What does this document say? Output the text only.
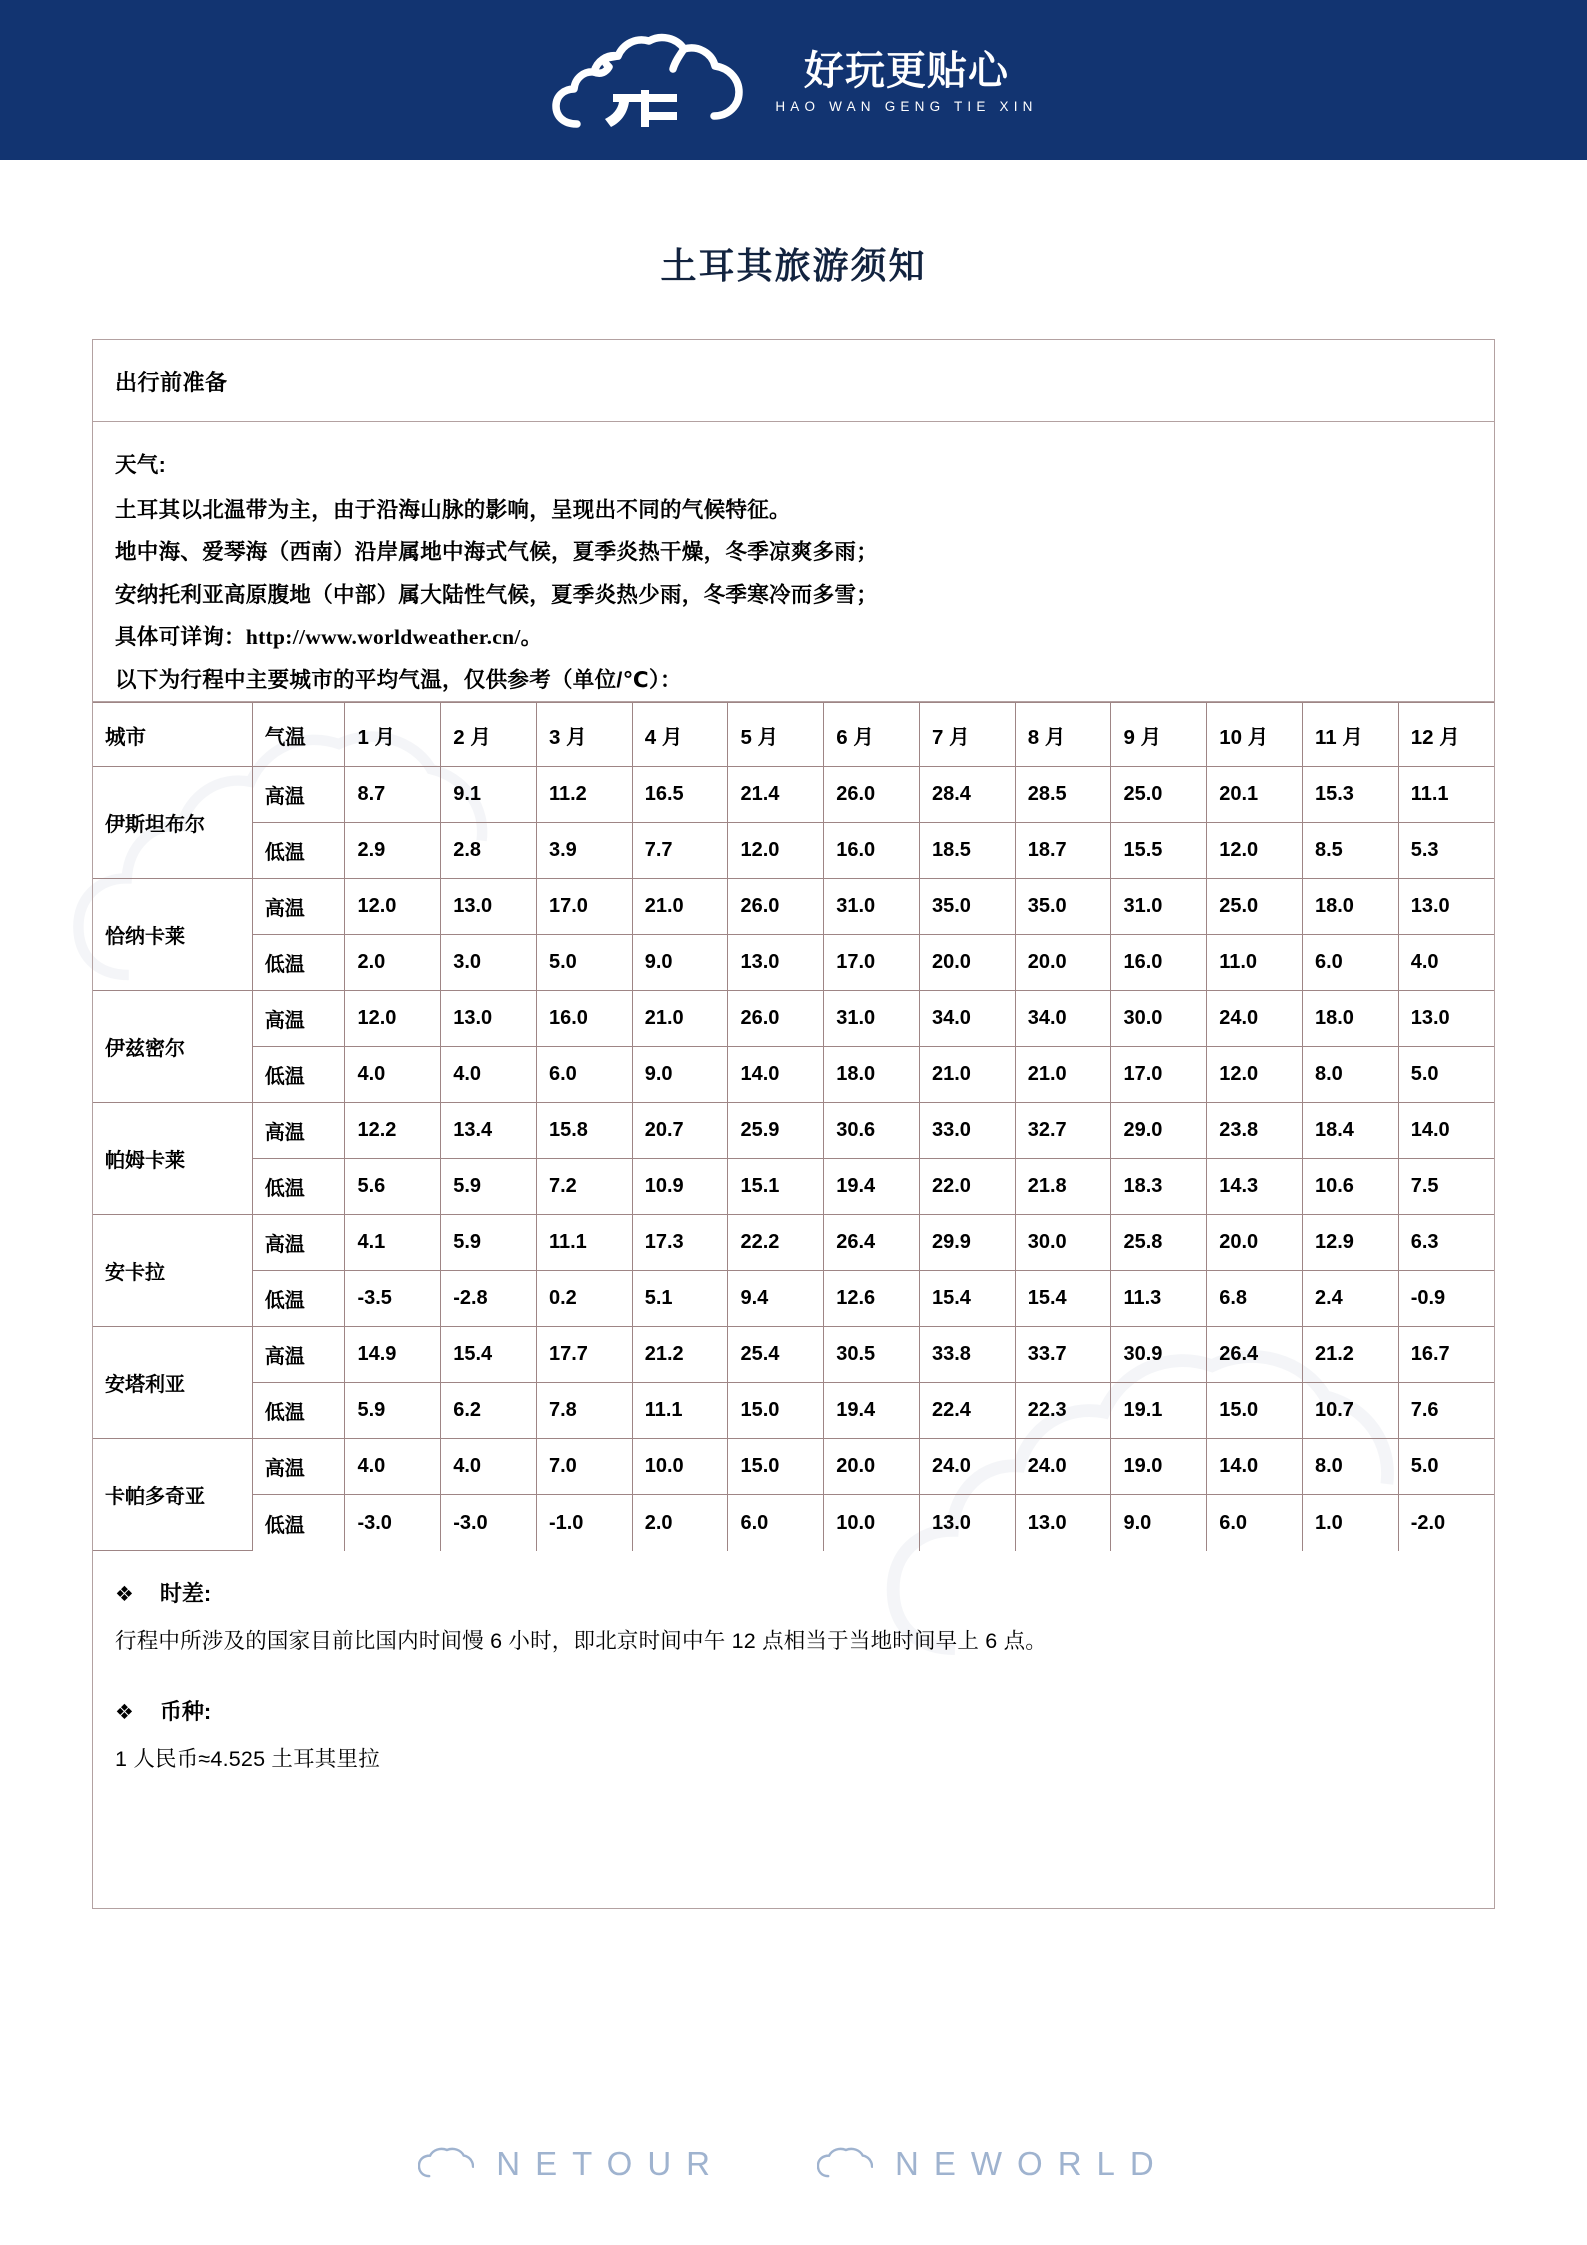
好玩更贴心
HAO WAN GENG TIE XIN
土耳其旅游须知
出行前准备
天气:
土耳其以北温带为主，由于沿海山脉的影响，呈现出不同的气候特征。
地中海、爱琴海（西南）沿岸属地中海式气候，夏季炎热干燥，冬季凉爽多雨；
安纳托利亚高原腹地（中部）属大陆性气候，夏季炎热少雨，冬季寒冷而多雪；
具体可详询：http://www.worldweather.cn/。
以下为行程中主要城市的平均气温，仅供参考（单位/℃）：
城市	气温	1 月	2 月	3 月	4 月	5 月	6 月	7 月	8 月	9 月	10 月	11 月	12 月
伊斯坦布尔	高温	8.7	9.1	11.2	16.5	21.4	26.0	28.4	28.5	25.0	20.1	15.3	11.1
	低温	2.9	2.8	3.9	7.7	12.0	16.0	18.5	18.7	15.5	12.0	8.5	5.3
恰纳卡莱	高温	12.0	13.0	17.0	21.0	26.0	31.0	35.0	35.0	31.0	25.0	18.0	13.0
	低温	2.0	3.0	5.0	9.0	13.0	17.0	20.0	20.0	16.0	11.0	6.0	4.0
伊兹密尔	高温	12.0	13.0	16.0	21.0	26.0	31.0	34.0	34.0	30.0	24.0	18.0	13.0
	低温	4.0	4.0	6.0	9.0	14.0	18.0	21.0	21.0	17.0	12.0	8.0	5.0
帕姆卡莱	高温	12.2	13.4	15.8	20.7	25.9	30.6	33.0	32.7	29.0	23.8	18.4	14.0
	低温	5.6	5.9	7.2	10.9	15.1	19.4	22.0	21.8	18.3	14.3	10.6	7.5
安卡拉	高温	4.1	5.9	11.1	17.3	22.2	26.4	29.9	30.0	25.8	20.0	12.9	6.3
	低温	-3.5	-2.8	0.2	5.1	9.4	12.6	15.4	15.4	11.3	6.8	2.4	-0.9
安塔利亚	高温	14.9	15.4	17.7	21.2	25.4	30.5	33.8	33.7	30.9	26.4	21.2	16.7
	低温	5.9	6.2	7.8	11.1	15.0	19.4	22.4	22.3	19.1	15.0	10.7	7.6
卡帕多奇亚	高温	4.0	4.0	7.0	10.0	15.0	20.0	24.0	24.0	19.0	14.0	8.0	5.0
	低温	-3.0	-3.0	-1.0	2.0	6.0	10.0	13.0	13.0	9.0	6.0	1.0	-2.0
❖ 时差:
行程中所涉及的国家目前比国内时间慢 6 小时，即北京时间中午 12 点相当于当地时间早上 6 点。
❖ 币种:
1 人民币≈4.525 土耳其里拉
NETOUR	NEWORLD
